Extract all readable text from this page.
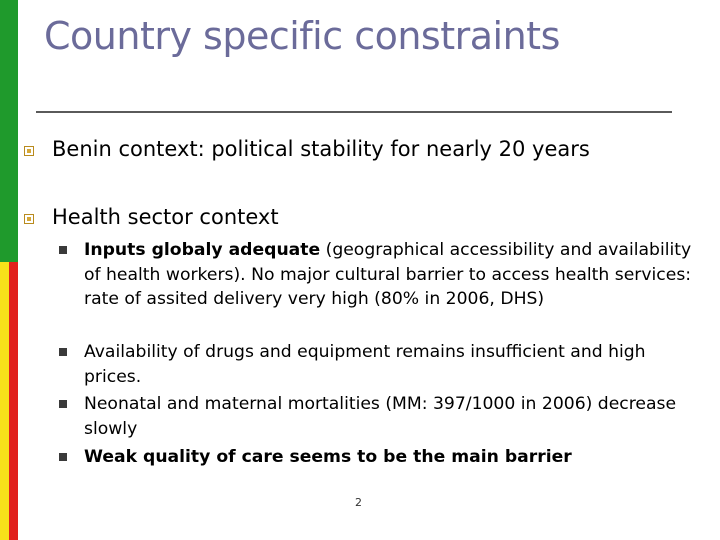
Country specific constraints
Benin context: political stability for nearly 20 years
Health sector context
Inputs globaly adequate (geographical accessibility and availability of health workers). No major cultural barrier to access health services: rate of assited delivery very high (80% in 2006, DHS)
Availability of drugs and equipment remains insufficient and high prices.
Neonatal and maternal mortalities (MM: 397/1000 in 2006) decrease slowly
Weak quality of care seems to be the main barrier
2
